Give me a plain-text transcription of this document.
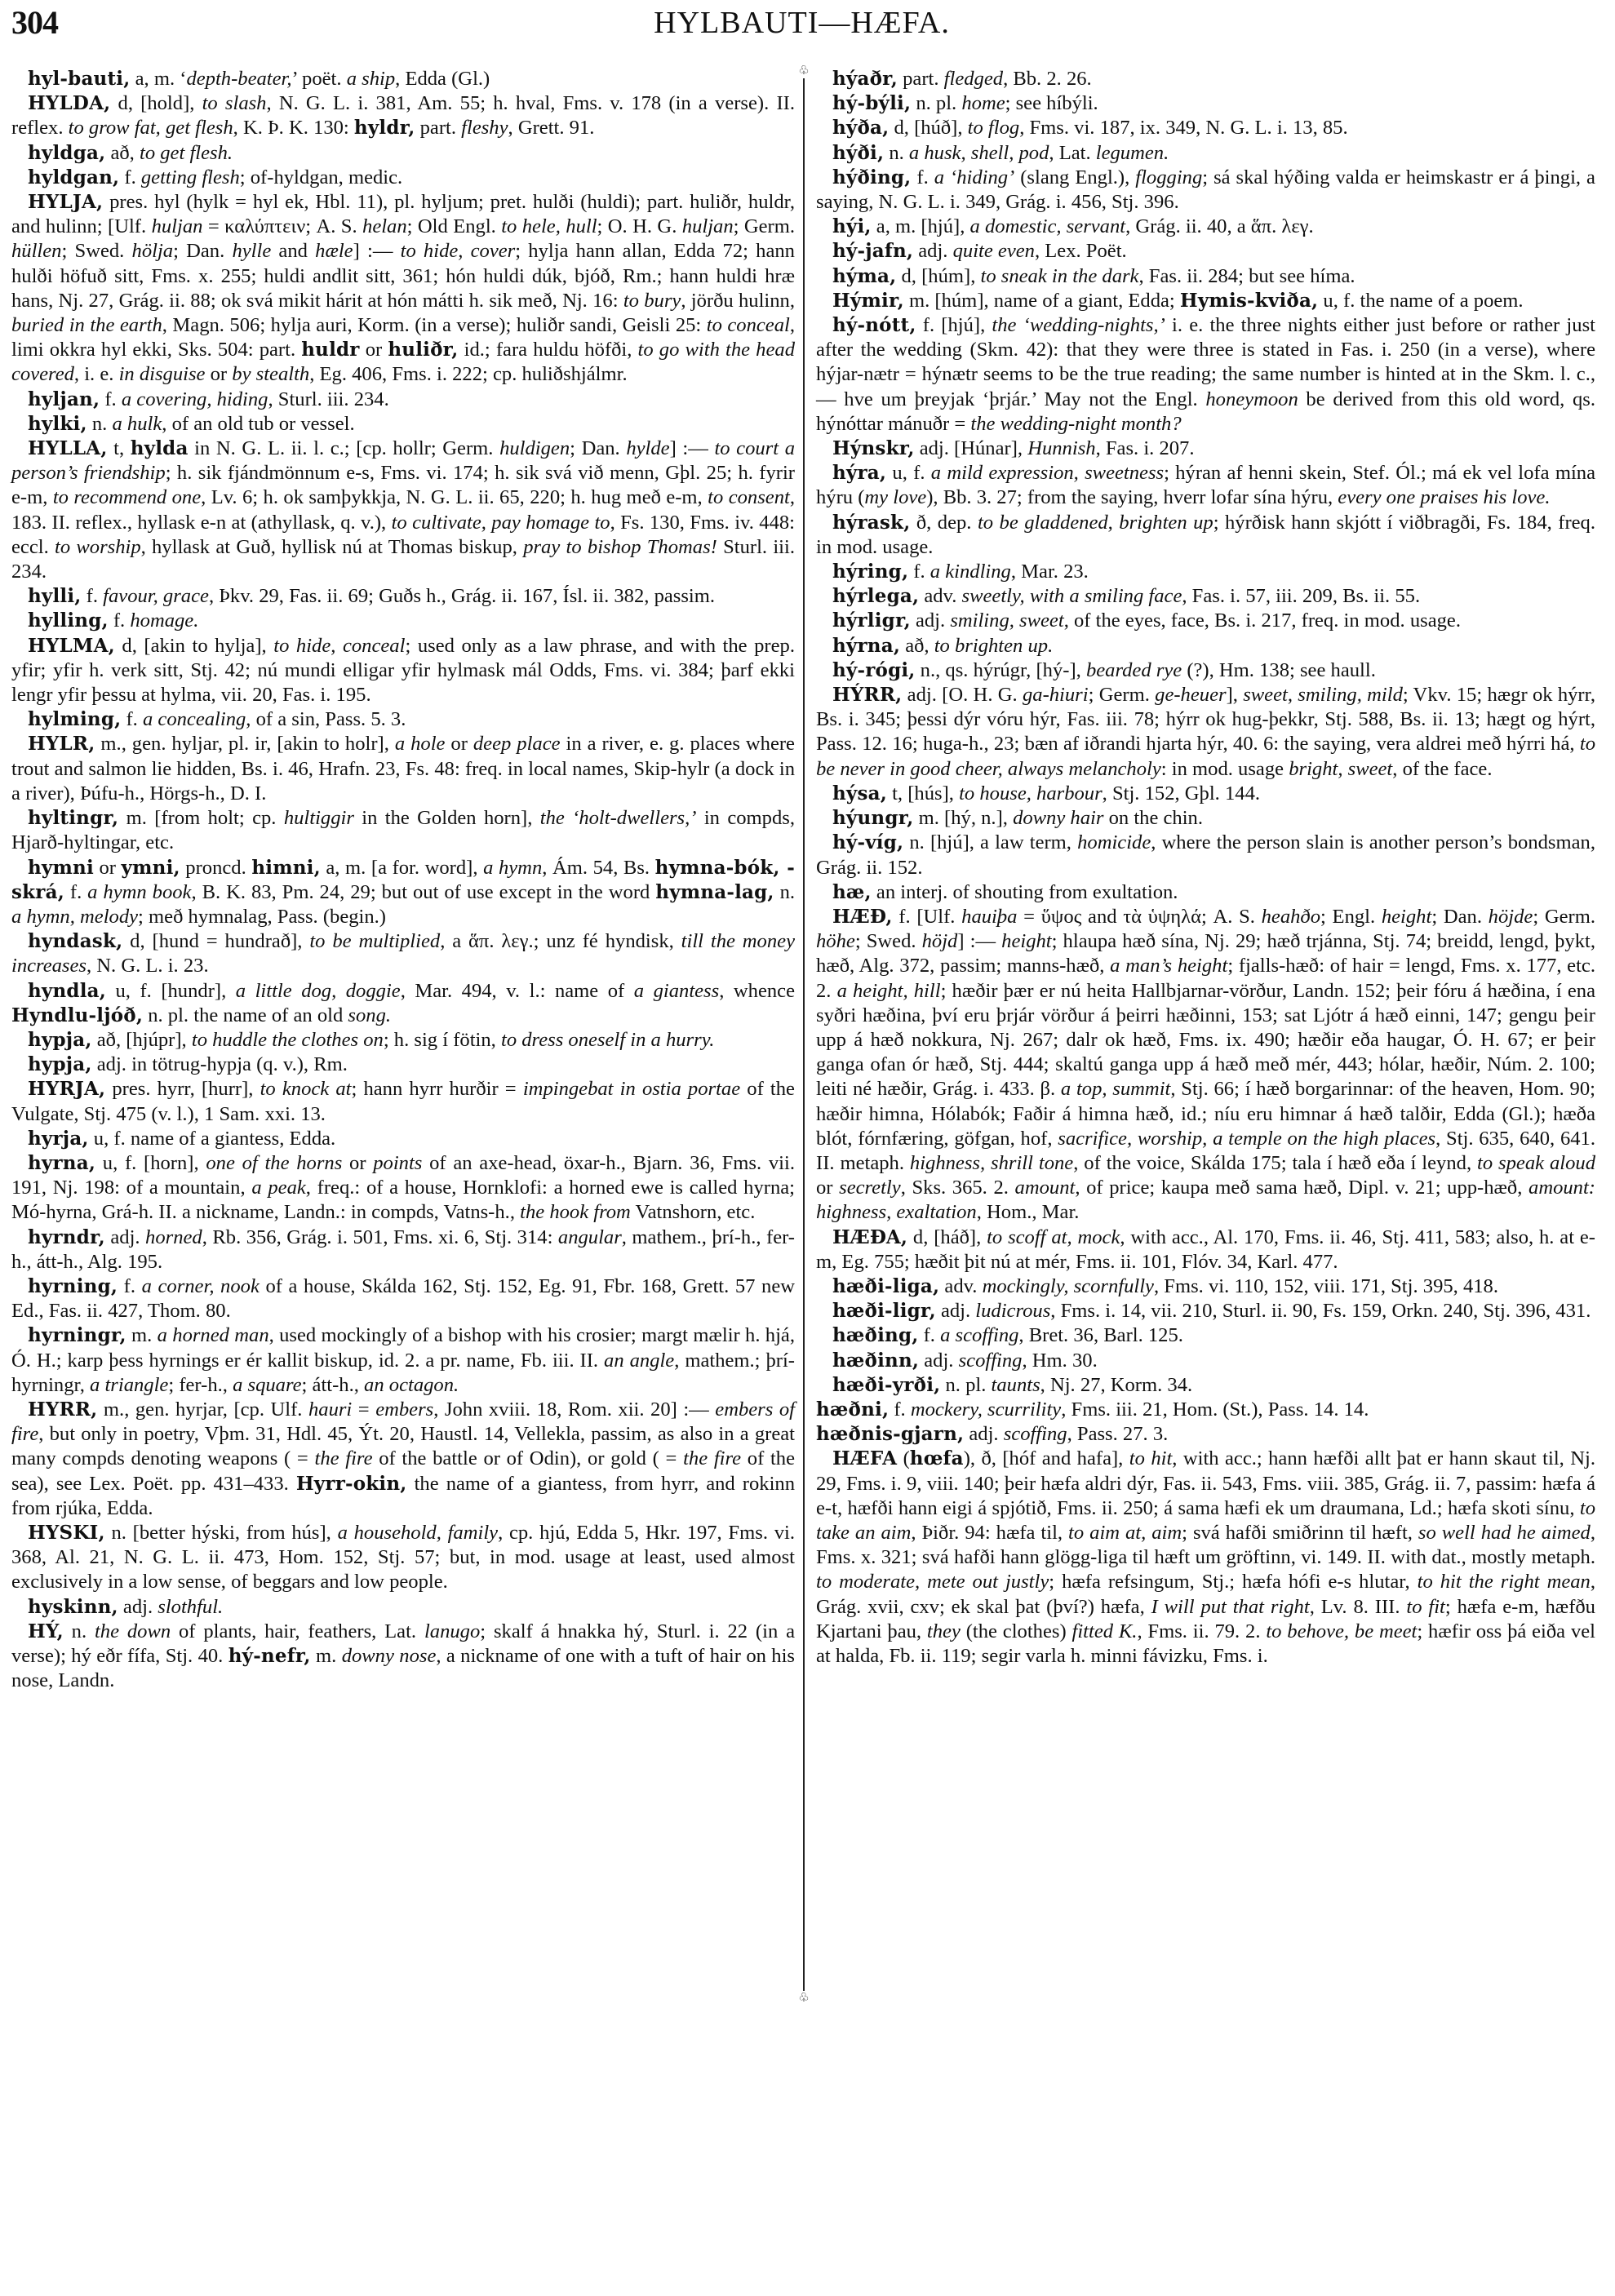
304	HYLBAUTI—HÆFA.

hyl-bauti, a, m. ‘depth-beater,’ poët. a ship, Edda (Gl.)

HYLDA, d, [hold], to slash, N. G. L. i. 381, Am. 55; h. hval, Fms. v. 178 (in a verse). II. reflex. to grow fat, get flesh, K. Þ. K. 130: hyldr, part. fleshy, Grett. 91.

hyldga, að, to get flesh.

hyldgan, f. getting flesh; of-hyldgan, medic.

HYLJA, pres. hyl (hylk = hyl ek, Hbl. 11), pl. hyljum; pret. hulði (huldi); part. huliðr, huldr, and hulinn; [Ulf. huljan = καλύπτειν; A. S. helan; Old Engl. to hele, hull; O. H. G. huljan; Germ. hüllen; Swed. hölja; Dan. hylle and hæle] :— to hide, cover; hylja hann allan, Edda 72; hann hulði höfuð sitt, Fms. x. 255; huldi andlit sitt, 361; hón huldi dúk, bjóð, Rm.; hann huldi hræ hans, Nj. 27, Grág. ii. 88; ok svá mikit hárit at hón mátti h. sik með, Nj. 16: to bury, jörðu hulinn, buried in the earth, Magn. 506; hylja auri, Korm. (in a verse); huliðr sandi, Geisli 25: to conceal, limi okkra hyl ekki, Sks. 504: part. huldr or huliðr, id.; fara huldu höfði, to go with the head covered, i. e. in disguise or by stealth, Eg. 406, Fms. i. 222; cp. huliðshjálmr.

hyljan, f. a covering, hiding, Sturl. iii. 234.

hylki, n. a hulk, of an old tub or vessel.

HYLLA, t, hylda in N. G. L. ii. l. c.; [cp. hollr; Germ. huldigen; Dan. hylde] :— to court a person’s friendship; h. sik fjándmönnum e-s, Fms. vi. 174; h. sik svá við menn, Gþl. 25; h. fyrir e-m, to recommend one, Lv. 6; h. ok samþykkja, N. G. L. ii. 65, 220; h. hug með e-m, to consent, 183. II. reflex., hyllask e-n at (athyllask, q. v.), to cultivate, pay homage to, Fs. 130, Fms. iv. 448: eccl. to worship, hyllask at Guð, hyllisk nú at Thomas biskup, pray to bishop Thomas! Sturl. iii. 234.

hylli, f. favour, grace, Þkv. 29, Fas. ii. 69; Guðs h., Grág. ii. 167, Ísl. ii. 382, passim.

hylling, f. homage.

HYLMA, d, [akin to hylja], to hide, conceal; used only as a law phrase, and with the prep. yfir; yfir h. verk sitt, Stj. 42; nú mundi elligar yfir hylmask mál Odds, Fms. vi. 384; þarf ekki lengr yfir þessu at hylma, vii. 20, Fas. i. 195.

hylming, f. a concealing, of a sin, Pass. 5. 3.

HYLR, m., gen. hyljar, pl. ir, [akin to holr], a hole or deep place in a river, e. g. places where trout and salmon lie hidden, Bs. i. 46, Hrafn. 23, Fs. 48: freq. in local names, Skip-hylr (a dock in a river), Þúfu-h., Hörgs-h., D. I.

hyltingr, m. [from holt; cp. hultiggir in the Golden horn], the ‘holt-dwellers,’ in compds, Hjarð-hyltingar, etc.

hymni or ymni, proncd. himni, a, m. [a for. word], a hymn, Ám. 54, Bs. hymna-bók, -skrá, f. a hymn book, B. K. 83, Pm. 24, 29; but out of use except in the word hymna-lag, n. a hymn, melody; með hymnalag, Pass. (begin.)

hyndask, d, [hund = hundrað], to be multiplied, a ἅπ. λεγ.; unz fé hyndisk, till the money increases, N. G. L. i. 23.

hyndla, u, f. [hundr], a little dog, doggie, Mar. 494, v. l.: name of a giantess, whence Hyndlu-ljóð, n. pl. the name of an old song.

hypja, að, [hjúpr], to huddle the clothes on; h. sig í fötin, to dress oneself in a hurry.

hypja, adj. in tötrug-hypja (q. v.), Rm.

HYRJA, pres. hyrr, [hurr], to knock at; hann hyrr hurðir = impingebat in ostia portae of the Vulgate, Stj. 475 (v. l.), 1 Sam. xxi. 13.

hyrja, u, f. name of a giantess, Edda.

hyrna, u, f. [horn], one of the horns or points of an axe-head, öxar-h., Bjarn. 36, Fms. vii. 191, Nj. 198: of a mountain, a peak, freq.: of a house, Hornklofi: a horned ewe is called hyrna; Mó-hyrna, Grá-h. II. a nickname, Landn.: in compds, Vatns-h., the hook from Vatnshorn, etc.

hyrndr, adj. horned, Rb. 356, Grág. i. 501, Fms. xi. 6, Stj. 314: angular, mathem., þrí-h., fer-h., átt-h., Alg. 195.

hyrning, f. a corner, nook of a house, Skálda 162, Stj. 152, Eg. 91, Fbr. 168, Grett. 57 new Ed., Fas. ii. 427, Thom. 80.

hyrningr, m. a horned man, used mockingly of a bishop with his crosier; margt mælir h. hjá, Ó. H.; karp þess hyrnings er ér kallit biskup, id. 2. a pr. name, Fb. iii. II. an angle, mathem.; þrí-hyrningr, a triangle; fer-h., a square; átt-h., an octagon.

HYRR, m., gen. hyrjar, [cp. Ulf. hauri = embers, John xviii. 18, Rom. xii. 20] :— embers of fire, but only in poetry, Vþm. 31, Hdl. 45, Ýt. 20, Haustl. 14, Vellekla, passim, as also in a great many compds denoting weapons ( = the fire of the battle or of Odin), or gold ( = the fire of the sea), see Lex. Poët. pp. 431–433. Hyrr-okin, the name of a giantess, from hyrr, and rokinn from rjúka, Edda.

HYSKI, n. [better hýski, from hús], a household, family, cp. hjú, Edda 5, Hkr. 197, Fms. vi. 368, Al. 21, N. G. L. ii. 473, Hom. 152, Stj. 57; but, in mod. usage at least, used almost exclusively in a low sense, of beggars and low people.

hyskinn, adj. slothful.

HÝ, n. the down of plants, hair, feathers, Lat. lanugo; skalf á hnakka hý, Sturl. i. 22 (in a verse); hý eðr fífa, Stj. 40. hý-nefr, m. downy nose, a nickname of one with a tuft of hair on his nose, Landn.

♧
♧

hýaðr, part. fledged, Bb. 2. 26.

hý-býli, n. pl. home; see híbýli.

hýða, d, [húð], to flog, Fms. vi. 187, ix. 349, N. G. L. i. 13, 85.

hýði, n. a husk, shell, pod, Lat. legumen.

hýðing, f. a ‘hiding’ (slang Engl.), flogging; sá skal hýðing valda er heimskastr er á þingi, a saying, N. G. L. i. 349, Grág. i. 456, Stj. 396.

hýi, a, m. [hjú], a domestic, servant, Grág. ii. 40, a ἅπ. λεγ.

hý-jafn, adj. quite even, Lex. Poët.

hýma, d, [húm], to sneak in the dark, Fas. ii. 284; but see híma.

Hýmir, m. [húm], name of a giant, Edda; Hymis-kviða, u, f. the name of a poem.

hý-nótt, f. [hjú], the ‘wedding-nights,’ i. e. the three nights either just before or rather just after the wedding (Skm. 42): that they were three is stated in Fas. i. 250 (in a verse), where hýjar-nætr = hýnætr seems to be the true reading; the same number is hinted at in the Skm. l. c.,— hve um þreyjak ‘þrjár.’ May not the Engl. honeymoon be derived from this old word, qs. hýnóttar mánuðr = the wedding-night month?

Hýnskr, adj. [Húnar], Hunnish, Fas. i. 207.

hýra, u, f. a mild expression, sweetness; hýran af henni skein, Stef. Ól.; má ek vel lofa mína hýru (my love), Bb. 3. 27; from the saying, hverr lofar sína hýru, every one praises his love.

hýrask, ð, dep. to be gladdened, brighten up; hýrðisk hann skjótt í viðbragði, Fs. 184, freq. in mod. usage.

hýring, f. a kindling, Mar. 23.

hýrlega, adv. sweetly, with a smiling face, Fas. i. 57, iii. 209, Bs. ii. 55.

hýrligr, adj. smiling, sweet, of the eyes, face, Bs. i. 217, freq. in mod. usage.

hýrna, að, to brighten up.

hý-rógi, n., qs. hýrúgr, [hý-], bearded rye (?), Hm. 138; see haull.

HÝRR, adj. [O. H. G. ga-hiuri; Germ. ge-heuer], sweet, smiling, mild; Vkv. 15; hægr ok hýrr, Bs. i. 345; þessi dýr vóru hýr, Fas. iii. 78; hýrr ok hug-þekkr, Stj. 588, Bs. ii. 13; hægt og hýrt, Pass. 12. 16; huga-h., 23; bæn af iðrandi hjarta hýr, 40. 6: the saying, vera aldrei með hýrri há, to be never in good cheer, always melancholy: in mod. usage bright, sweet, of the face.

hýsa, t, [hús], to house, harbour, Stj. 152, Gþl. 144.

hýungr, m. [hý, n.], downy hair on the chin.

hý-víg, n. [hjú], a law term, homicide, where the person slain is another person’s bondsman, Grág. ii. 152.

hæ, an interj. of shouting from exultation.

HÆÐ, f. [Ulf. hauiþa = ὕψος and τὰ ὑψηλά; A. S. heahðo; Engl. height; Dan. höjde; Germ. höhe; Swed. höjd] :— height; hlaupa hæð sína, Nj. 29; hæð trjánna, Stj. 74; breidd, lengd, þykt, hæð, Alg. 372, passim; manns-hæð, a man’s height; fjalls-hæð: of hair = lengd, Fms. x. 177, etc. 2. a height, hill; hæðir þær er nú heita Hallbjarnar-vörður, Landn. 152; þeir fóru á hæðina, í ena syðri hæðina, því eru þrjár vörður á þeirri hæðinni, 153; sat Ljótr á hæð einni, 147; gengu þeir upp á hæð nokkura, Nj. 267; dalr ok hæð, Fms. ix. 490; hæðir eða haugar, Ó. H. 67; er þeir ganga ofan ór hæð, Stj. 444; skaltú ganga upp á hæð með mér, 443; hólar, hæðir, Núm. 2. 100; leiti né hæðir, Grág. i. 433. β. a top, summit, Stj. 66; í hæð borgarinnar: of the heaven, Hom. 90; hæðir himna, Hólabók; Faðir á himna hæð, id.; níu eru himnar á hæð talðir, Edda (Gl.); hæða blót, fórnfæring, göfgan, hof, sacrifice, worship, a temple on the high places, Stj. 635, 640, 641. II. metaph. highness, shrill tone, of the voice, Skálda 175; tala í hæð eða í leynd, to speak aloud or secretly, Sks. 365. 2. amount, of price; kaupa með sama hæð, Dipl. v. 21; upp-hæð, amount: highness, exaltation, Hom., Mar.

HÆÐA, d, [háð], to scoff at, mock, with acc., Al. 170, Fms. ii. 46, Stj. 411, 583; also, h. at e-m, Eg. 755; hæðit þit nú at mér, Fms. ii. 101, Flóv. 34, Karl. 477.

hæði-liga, adv. mockingly, scornfully, Fms. vi. 110, 152, viii. 171, Stj. 395, 418.

hæði-ligr, adj. ludicrous, Fms. i. 14, vii. 210, Sturl. ii. 90, Fs. 159, Orkn. 240, Stj. 396, 431.

hæðing, f. a scoffing, Bret. 36, Barl. 125.

hæðinn, adj. scoffing, Hm. 30.

hæði-yrði, n. pl. taunts, Nj. 27, Korm. 34.

hæðni, f. mockery, scurrility, Fms. iii. 21, Hom. (St.), Pass. 14. 14.

hæðnis-gjarn, adj. scoffing, Pass. 27. 3.

HÆFA (hœfa), ð, [hóf and hafa], to hit, with acc.; hann hæfði allt þat er hann skaut til, Nj. 29, Fms. i. 9, viii. 140; þeir hæfa aldri dýr, Fas. ii. 543, Fms. viii. 385, Grág. ii. 7, passim: hæfa á e-t, hæfði hann eigi á spjótið, Fms. ii. 250; á sama hæfi ek um draumana, Ld.; hæfa skoti sínu, to take an aim, Þiðr. 94: hæfa til, to aim at, aim; svá hafði smiðrinn til hæft, so well had he aimed, Fms. x. 321; svá hafði hann glögg-liga til hæft um gröftinn, vi. 149. II. with dat., mostly metaph. to moderate, mete out justly; hæfa refsingum, Stj.; hæfa hófi e-s hlutar, to hit the right mean, Grág. xvii, cxv; ek skal þat (því?) hæfa, I will put that right, Lv. 8. III. to fit; hæfa e-m, hæfðu Kjartani þau, they (the clothes) fitted K., Fms. ii. 79. 2. to behove, be meet; hæfir oss þá eiða vel at halda, Fb. ii. 119; segir varla h. minni fávizku, Fms. i.
